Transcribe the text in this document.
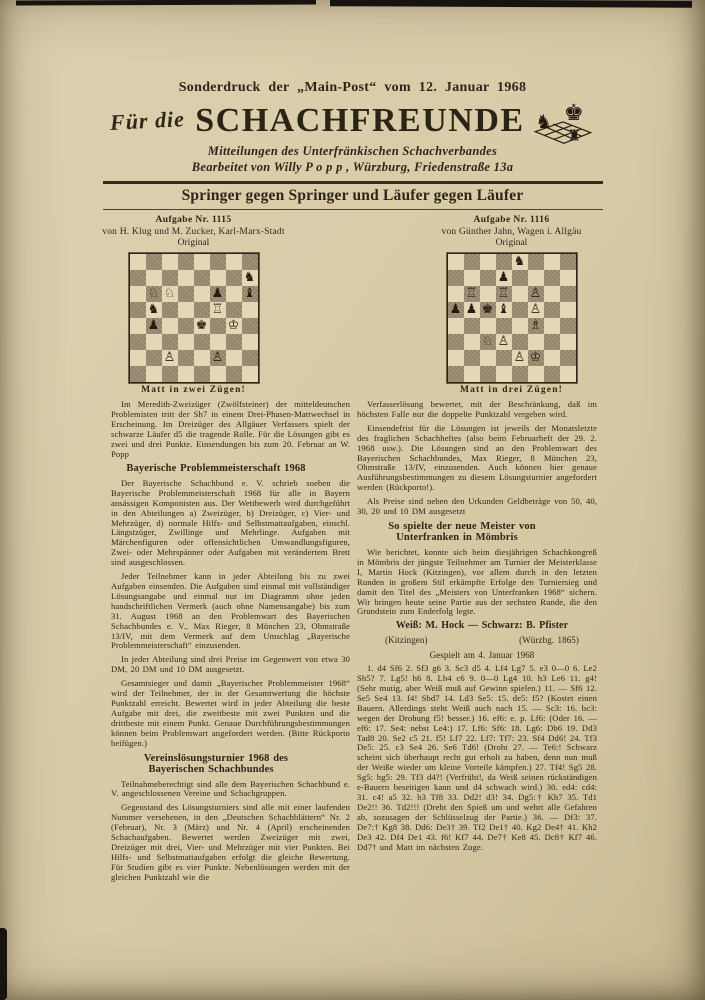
Sonderdruck der „Main-Post“ vom 12. Januar 1968
Für die SCHACHFREUNDE ♞ ♚
♜
Mitteilungen des Unterfränkischen Schachverbandes
Bearbeitet von Willy P o p p , Würzburg, Friedenstraße 13a
Springer gegen Springer und Läufer gegen Läufer
Aufgabe Nr. 1115
von H. Klug und M. Zucker, Karl-Marx-Stadt
Original
♞
♘ ♘	♟ ♝
♞	♖
♟	♚ ♔
♙	♙
Matt in zwei Zügen!
Aufgabe Nr. 1116
von Günther Jahn, Wagen i. Allgäu
Original
♞
♟
♖ ♖ ♙
♟ ♟ ♚ ♝ ♙
♗
♘ ♙
♙ ♔
Matt in drei Zügen!

Im Meredith-Zweizüger (Zwölfsteiner) der mitteldeutschen Problemisten tritt der Sh7 in einem Drei-Phasen-Mattwechsel in Erscheinung. Im Dreizüger des Allgäuer Verfassers spielt der schwarze Läufer d5 die tragende Rolle. Für die Lösungen gibt es zwei und drei Punkte. Einsendungen bis zum 20. Februar an W. Popp

Bayerische Problemmeisterschaft 1968

Der Bayerische Schachbund e. V. schrieb soeben die Bayerische Problemmeisterschaft 1968 für alle in Bayern ansässigen Komponisten aus. Der Wettbewerb wird durchgeführt in den Abteilungen a) Zweizüger, b) Dreizüger, c) Vier- und Mehrzüger, d) normale Hilfs- und Selbstmattaufgaben, einschl. Längstzüger, Zwillinge und Mehrlinge. Aufgaben mit Märchenfiguren oder offensichtlichen Umwandlungsfiguren, Zwei- oder Mehrspänner oder Aufgaben mit verändertem Brett sind ausgeschlossen.

Jeder Teilnehmer kann in jeder Abteilung bis zu zwei Aufgaben einsenden. Die Aufgaben sind einmal mit vollständiger Lösungsangabe und einmal nur im Diagramm ohne jeden handschriftlichen Vermerk (auch ohne Namensangabe) bis zum 31. August 1968 an den Problemwart des Bayerischen Schachbundes e. V., Max Rieger, 8 München 23, Ohmstraße 13/IV, mit dem Vermerk auf dem Umschlag „Bayerische Problemmeisterschaft“ einzusenden.

In jeder Abteilung sind drei Preise im Gegenwert von etwa 30 DM, 20 DM und 10 DM ausgesetzt.

Gesamtsieger und damit „Bayerischer Problemmeister 1968“ wird der Teilnehmer, der in der Gesamtwertung die höchste Punktzahl erreicht. Bewertet wird in jeder Abteilung die beste Aufgabe mit drei, die zweitbeste mit zwei Punkten und die drittbeste mit einem Punkt. Genaue Durchführungsbestimmungen können beim Problemwart angefordert werden. (Bitte Rückporto beifügen.)

Vereinslösungsturnier 1968 des Bayerischen Schachbundes

Teilnahmeberechtigt sind alle dem Bayerischen Schachbund e. V. angeschlossenen Vereine und Schachgruppen.

Gegenstand des Lösungsturniers sind alle mit einer laufenden Nummer versehenen, in den „Deutschen Schachblättern“ Nr. 2 (Februar), Nr. 3 (März) und Nr. 4 (April) erscheinenden Schachaufgaben. Bewertet werden Zweizüger mit zwei, Dreizüger mit drei, Vier- und Mehrzüger mit vier Punkten. Bei Hilfs- und Selbstmattaufgaben erfolgt die gleiche Bewertung. Für Studien gibt es vier Punkte. Nebenlösungen werden mit der gleichen Punktzahl wie die

Verfasserlösung bewertet, mit der Beschränkung, daß im höchsten Falle nur die doppelte Punktzahl vergeben wird.

Einsendefrist für die Lösungen ist jeweils der Monatsletzte des fraglichen Schachheftes (also beim Februarheft der 29. 2. 1968 usw.). Die Lösungen sind an den Problemwart des Bayerischen Schachbundes, Max Rieger, 8 München 23, Ohmstraße 13/IV, einzusenden. Auch können hier genaue Ausführungsbestimmungen zu diesem Lösungsturnier angefordert werden (Rückporto!).

Als Preise sind neben den Urkunden Geldbeträge von 50, 40, 30, 20 und 10 DM ausgesetzt

So spielte der neue Meister von Unterfranken in Mömbris

Wie berichtet, konnte sich beim diesjährigen Schachkongreß in Mömbris der jüngste Teilnehmer am Turnier der Meisterklasse I, Martin Hock (Kitzingen), vor allem durch in den letzten Runden in großem Stil erkämpfte Erfolge den Turniersieg und damit den Titel des „Meisters von Unterfranken 1968“ sichern. Wir bringen heute seine Partie aus der sechsten Runde, die den Grundstein zum Enderfolg legte.

Weiß: M. Hock — Schwarz: B. Pfister

(Kitzingen)	(Würzbg. 1865)

Gespielt am 4. Januar 1968

1. d4 Sf6 2. Sf3 g6 3. Sc3 d5 4. Lf4 Lg7 5. e3 0—0 6. Le2 Sh5? 7. Lg5! h6 8. Lh4 c6 9. 0—0 Lg4 10. h3 Le6 11. g4! (Sehr mutig, aber Weiß muß auf Gewinn spielen.) 11. — Sf6 12. Se5 Se4 13. f4! Sbd7 14. Ld3 Se5: 15. de5: f5? (Kostet einen Bauern. Allerdings steht Weiß auch nach 15. — Sc3: 16. bc3: wegen der Drohung f5! besser.) 16. ef6: e. p. Lf6: (Oder 16. — ef6: 17. Se4: nebst Le4:) 17. Lf6: Sf6: 18. Lg6: Db6 19. Dd3 Tad8 20. Se2 c5 21. f5! Lf7 22. Lf7: Tf7: 23. Sf4 Dd6! 24. Tf3 De5: 25. c3 Se4 26. Se6 Td6! (Droht 27. — Te6:! Schwarz scheint sich überhaupt recht gut erholt zu haben, denn nun muß der Weiße wieder um kleine Vorteile kämpfen.) 27. Tf4! Sg5 28. Sg5: hg5: 29. Tf3 d4?! (Verfrüht!, da Weiß seinen rückständigen e-Bauern beseitigen kann und d4 schwach wird.) 30. ed4: cd4: 31. c4! a5 32. b3 Tf8 33. Dd2! d3! 34. Dg5:† Kh7 35. Td1 De2!! 36. Td2!!! (Dreht den Spieß um und wehrt alle Gefahren ab, sozusagen der Schlüsselzug der Partie.) 36. — Df3: 37. De7:† Kg8 38. Dd6: De3† 39. Tf2 De1† 40. Kg2 De4† 41. Kh2 De3 42. Df4 De1 43. f6! Kf7 44. De7† Ke8 45. Dc8† Kf7 46. Dd7† und Matt im nächsten Zuge.
